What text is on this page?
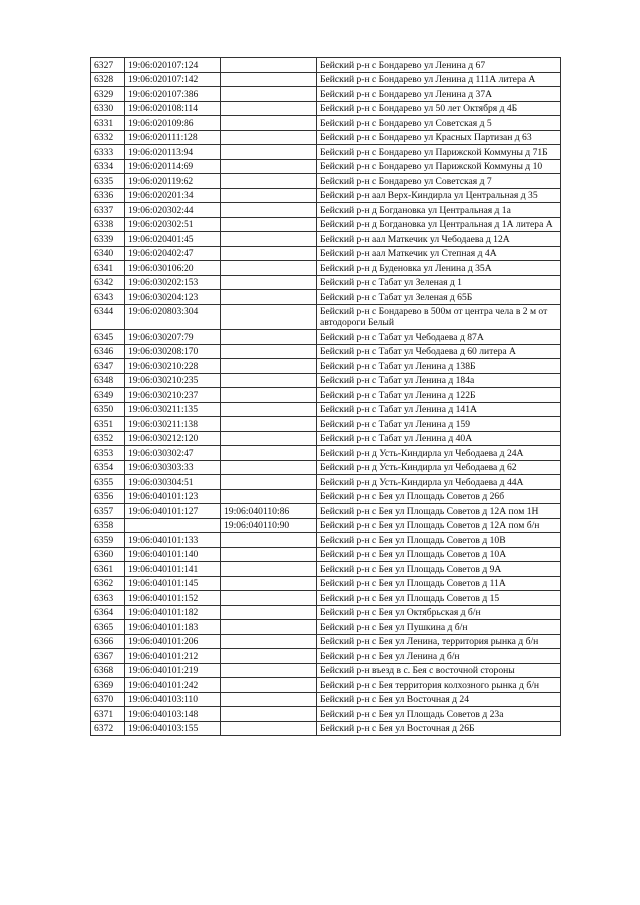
6327	19:06:020107:124		Бейский р-н с Бондарево ул Ленина д 67
6328	19:06:020107:142		Бейский р-н с Бондарево ул Ленина д 111А литера А
6329	19:06:020107:386		Бейский р-н с Бондарево ул Ленина д 37А
6330	19:06:020108:114		Бейский р-н с Бондарево ул 50 лет Октября д 4Б
6331	19:06:020109:86		Бейский р-н с Бондарево ул Советская д 5
6332	19:06:020111:128		Бейский р-н с Бондарево ул Красных Партизан д 63
6333	19:06:020113:94		Бейский р-н с Бондарево ул Парижской Коммуны д 71Б
6334	19:06:020114:69		Бейский р-н с Бондарево ул Парижской Коммуны д 10
6335	19:06:020119:62		Бейский р-н с Бондарево ул Советская д 7
6336	19:06:020201:34		Бейский р-н аал Верх-Киндирла ул Центральная д 35
6337	19:06:020302:44		Бейский р-н д Богдановка ул Центральная д 1а
6338	19:06:020302:51		Бейский р-н д Богдановка ул Центральная д 1А литера А
6339	19:06:020401:45		Бейский р-н аал Маткечик ул Чебодаева д 12А
6340	19:06:020402:47		Бейский р-н аал Маткечик ул Степная д 4А
6341	19:06:030106:20		Бейский р-н д Буденовка ул Ленина д 35А
6342	19:06:030202:153		Бейский р-н с Табат ул Зеленая д 1
6343	19:06:030204:123		Бейский р-н с Табат ул Зеленая д 65Б
6344	19:06:020803:304		Бейский р-н с Бондарево в 500м от центра чела в 2 м от автодороги Белый
6345	19:06:030207:79		Бейский р-н с Табат ул Чебодаева д 87А
6346	19:06:030208:170		Бейский р-н с Табат ул Чебодаева д 60 литера А
6347	19:06:030210:228		Бейский р-н с Табат ул Ленина д 138Б
6348	19:06:030210:235		Бейский р-н с Табат ул Ленина д 184а
6349	19:06:030210:237		Бейский р-н с Табат ул Ленина д 122Б
6350	19:06:030211:135		Бейский р-н с Табат ул Ленина д 141А
6351	19:06:030211:138		Бейский р-н с Табат ул Ленина д 159
6352	19:06:030212:120		Бейский р-н с Табат ул Ленина д 40А
6353	19:06:030302:47		Бейский р-н д Усть-Киндирла ул Чебодаева д 24А
6354	19:06:030303:33		Бейский р-н д Усть-Киндирла ул Чебодаева д 62
6355	19:06:030304:51		Бейский р-н д Усть-Киндирла ул Чебодаева д 44А
6356	19:06:040101:123		Бейский р-н с Бея ул Площадь Советов д 26б
6357	19:06:040101:127	19:06:040110:86	Бейский р-н с Бея ул Площадь Советов д 12А пом 1Н
6358		19:06:040110:90	Бейский р-н с Бея ул Площадь Советов д 12А пом б/н
6359	19:06:040101:133		Бейский р-н с Бея ул Площадь Советов д 10В
6360	19:06:040101:140		Бейский р-н с Бея ул Площадь Советов д 10А
6361	19:06:040101:141		Бейский р-н с Бея ул Площадь Советов д 9А
6362	19:06:040101:145		Бейский р-н с Бея ул Площадь Советов д 11А
6363	19:06:040101:152		Бейский р-н с Бея ул Площадь Советов д 15
6364	19:06:040101:182		Бейский р-н с Бея ул Октябрьская д б/н
6365	19:06:040101:183		Бейский р-н с Бея ул Пушкина д б/н
6366	19:06:040101:206		Бейский р-н с Бея ул Ленина, территория рынка д б/н
6367	19:06:040101:212		Бейский р-н с Бея ул Ленина д б/н
6368	19:06:040101:219		Бейский р-н въезд в с. Бея с восточной стороны
6369	19:06:040101:242		Бейский р-н с Бея территория колхозного рынка д б/н
6370	19:06:040103:110		Бейский р-н с Бея ул Восточная д 24
6371	19:06:040103:148		Бейский р-н с Бея ул Площадь Советов д 23а
6372	19:06:040103:155		Бейский р-н с Бея ул Восточная д 26Б
